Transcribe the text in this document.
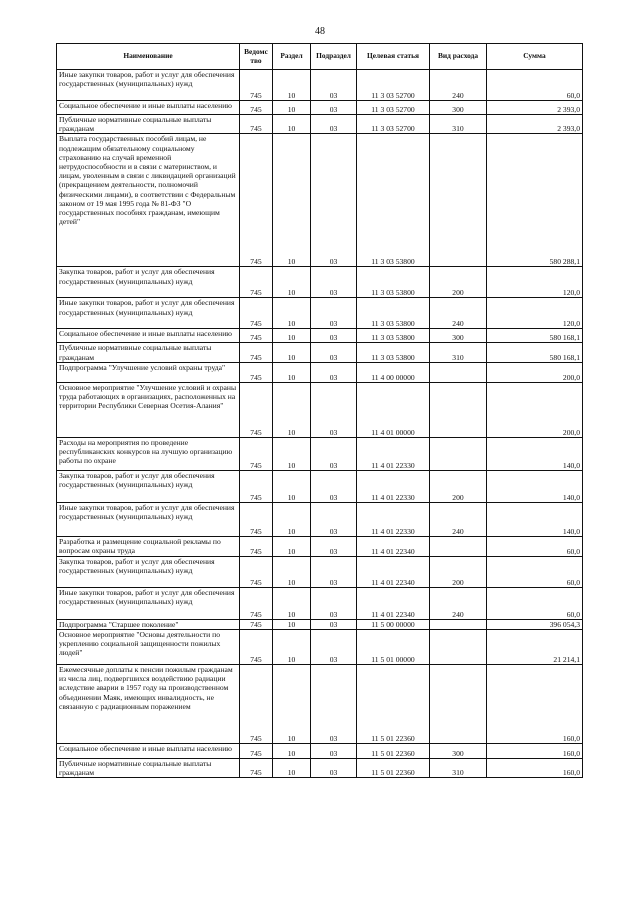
48
Наименование	Ведомс тво	Раздел	Подраздел	Целевая статья	Вид расхода	Сумма
Иные закупки товаров, работ и услуг для обеспечения государственных (муниципальных) нужд	745	10	03	11 3 03 52700	240	60,0
Социальное обеспечение и иные выплаты населению	745	10	03	11 3 03 52700	300	2 393,0
Публичные нормативные социальные выплаты гражданам	745	10	03	11 3 03 52700	310	2 393,0
Выплата государственных пособий лицам, не подлежащим обязательному социальному страхованию на случай временной нетрудоспособности и в связи с материнством, и лицам, уволенным в связи с ликвидацией организаций (прекращением деятельности, полномочий физическими лицами), в соответствии с Федеральным законом от 19 мая 1995 года № 81-ФЗ "О государственных пособиях гражданам, имеющим детей"	745	10	03	11 3 03 53800		580 288,1
Закупка товаров, работ и услуг для обеспечения государственных (муниципальных) нужд	745	10	03	11 3 03 53800	200	120,0
Иные закупки товаров, работ и услуг для обеспечения государственных (муниципальных) нужд	745	10	03	11 3 03 53800	240	120,0
Социальное обеспечение и иные выплаты населению	745	10	03	11 3 03 53800	300	580 168,1
Публичные нормативные социальные выплаты гражданам	745	10	03	11 3 03 53800	310	580 168,1
Подпрограмма "Улучшение условий охраны труда"	745	10	03	11 4 00 00000		200,0
Основное мероприятие "Улучшение условий и охраны труда работающих в организациях, расположенных на территории Республики Северная Осетия-Алания"	745	10	03	11 4 01 00000		200,0
Расходы на мероприятия по проведение республиканских конкурсов на лучшую организацию работы по охране	745	10	03	11 4 01 22330		140,0
Закупка товаров, работ и услуг для обеспечения государственных (муниципальных) нужд	745	10	03	11 4 01 22330	200	140,0
Иные закупки товаров, работ и услуг для обеспечения государственных (муниципальных) нужд	745	10	03	11 4 01 22330	240	140,0
Разработка и размещение социальной рекламы по вопросам охраны труда	745	10	03	11 4 01 22340		60,0
Закупка товаров, работ и услуг для обеспечения государственных (муниципальных) нужд	745	10	03	11 4 01 22340	200	60,0
Иные закупки товаров, работ и услуг для обеспечения государственных (муниципальных) нужд	745	10	03	11 4 01 22340	240	60,0
Подпрограмма "Старшее поколение"	745	10	03	11 5 00 00000		396 054,3
Основное мероприятие "Основы деятельности по укреплению социальной защищенности пожилых людей"	745	10	03	11 5 01 00000		21 214,1
Ежемесячные доплаты к пенсии пожилым гражданам из числа лиц, подвергшихся воздействию радиации вследствие аварии в 1957 году на производственном объединении Маяк, имеющих инвалидность, не связанную с радиационным поражением	745	10	03	11 5 01 22360		160,0
Социальное обеспечение и иные выплаты населению	745	10	03	11 5 01 22360	300	160,0
Публичные нормативные социальные выплаты гражданам	745	10	03	11 5 01 22360	310	160,0
